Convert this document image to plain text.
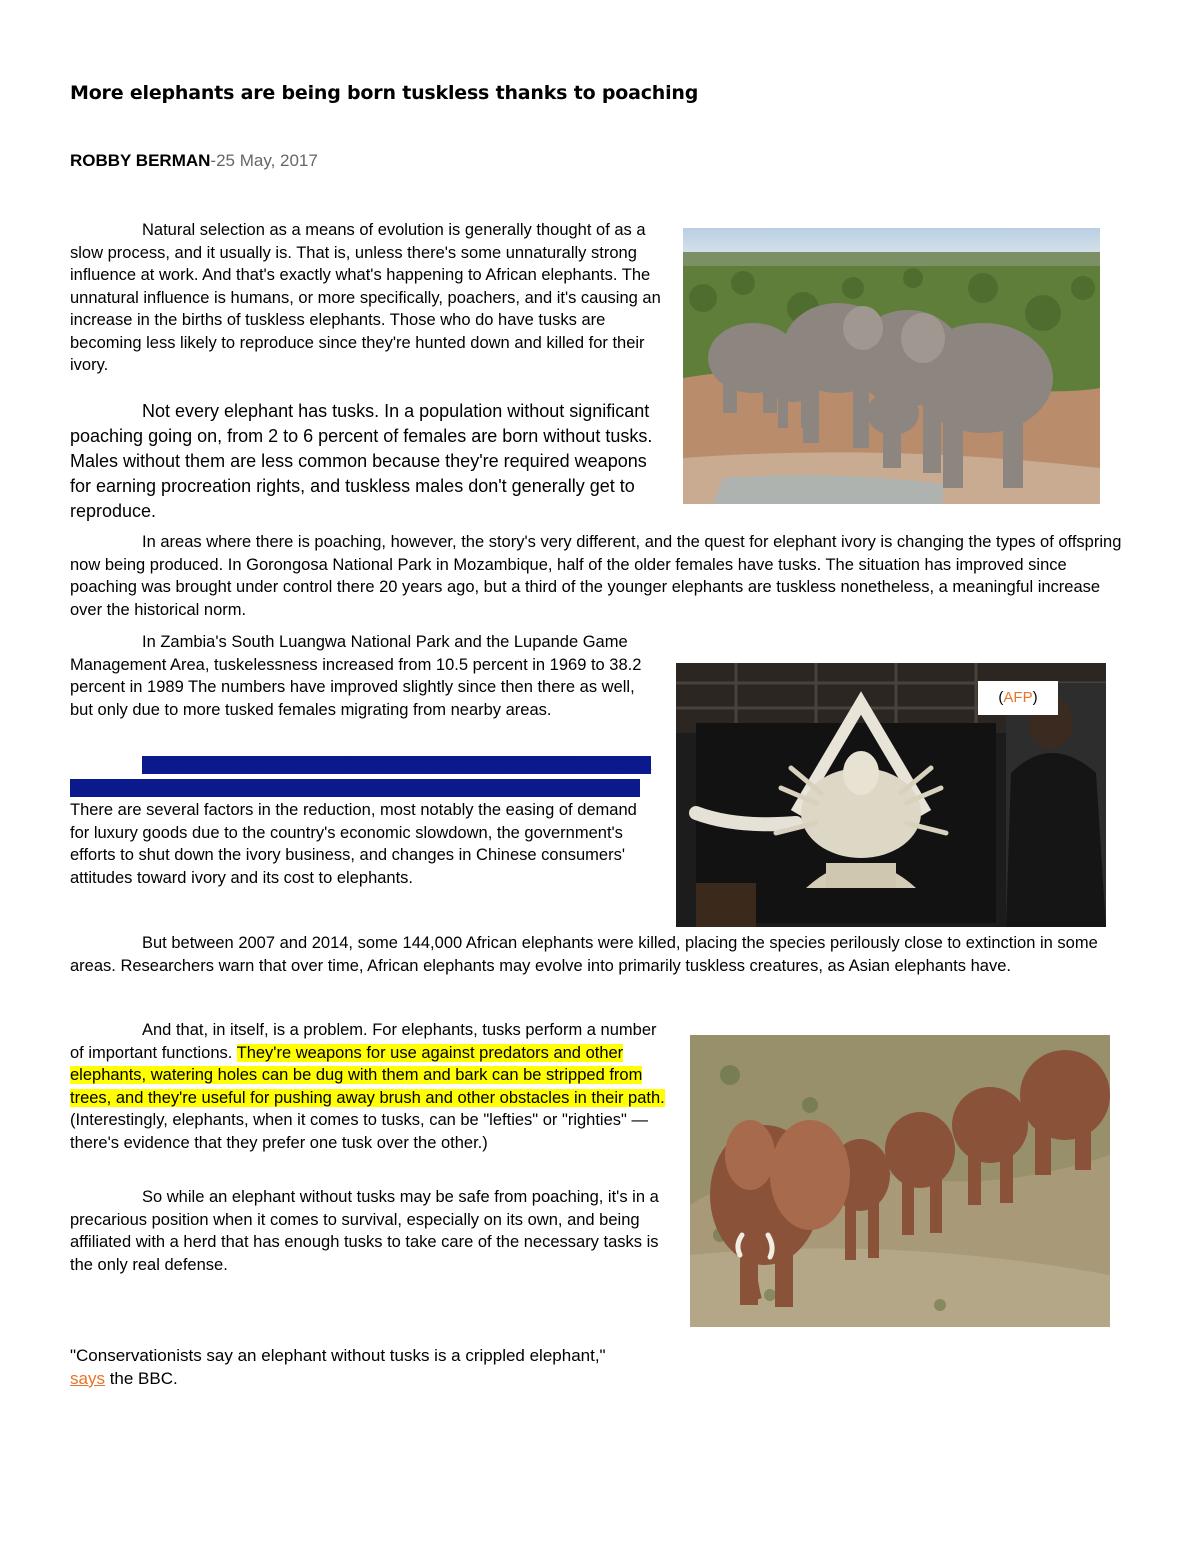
More elephants are being born tuskless thanks to poaching
ROBBY BERMAN-25 May, 2017
Natural selection as a means of evolution is generally thought of as a slow process, and it usually is. That is, unless there's some unnaturally strong influence at work. And that's exactly what's happening to African elephants. The unnatural influence is humans, or more specifically, poachers, and it's causing an increase in the births of tuskless elephants. Those who do have tusks are becoming less likely to reproduce since they're hunted down and killed for their ivory.
Not every elephant has tusks. In a population without significant poaching going on, from 2 to 6 percent of females are born without tusks. Males without them are less common because they're required weapons for earning procreation rights, and tuskless males don't generally get to reproduce.
In areas where there is poaching, however, the story's very different, and the quest for elephant ivory is changing the types of offspring now being produced. In Gorongosa National Park in Mozambique, half of the older females have tusks. The situation has improved since poaching was brought under control there 20 years ago, but a third of the younger elephants are tuskless nonetheless, a meaningful increase over the historical norm.
In Zambia's South Luangwa National Park and the Lupande Game Management Area, tuskelessness increased from 10.5 percent in 1969 to 38.2 percent in 1989 The numbers have improved slightly since then there as well, but only due to more tusked females migrating from nearby areas.
There's been big money in China's black market for ivory, from a peak of $2,100 USD per kilogram in 2014 to $730 per kilogram in February of 2017. There are several factors in the reduction, most notably the easing of demand for luxury goods due to the country's economic slowdown, the government's efforts to shut down the ivory business, and changes in Chinese consumers' attitudes toward ivory and its cost to elephants.
(AFP)
But between 2007 and 2014, some 144,000 African elephants were killed, placing the species perilously close to extinction in some areas. Researchers warn that over time, African elephants may evolve into primarily tuskless creatures, as Asian elephants have.
And that, in itself, is a problem. For elephants, tusks perform a number of important functions. They're weapons for use against predators and other elephants, watering holes can be dug with them and bark can be stripped from trees, and they're useful for pushing away brush and other obstacles in their path. (Interestingly, elephants, when it comes to tusks, can be "lefties" or "righties" — there's evidence that they prefer one tusk over the other.)
So while an elephant without tusks may be safe from poaching, it's in a precarious position when it comes to survival, especially on its own, and being affiliated with a herd that has enough tusks to take care of the necessary tasks is the only real defense.
"Conservationists say an elephant without tusks is a crippled elephant," says the BBC.
